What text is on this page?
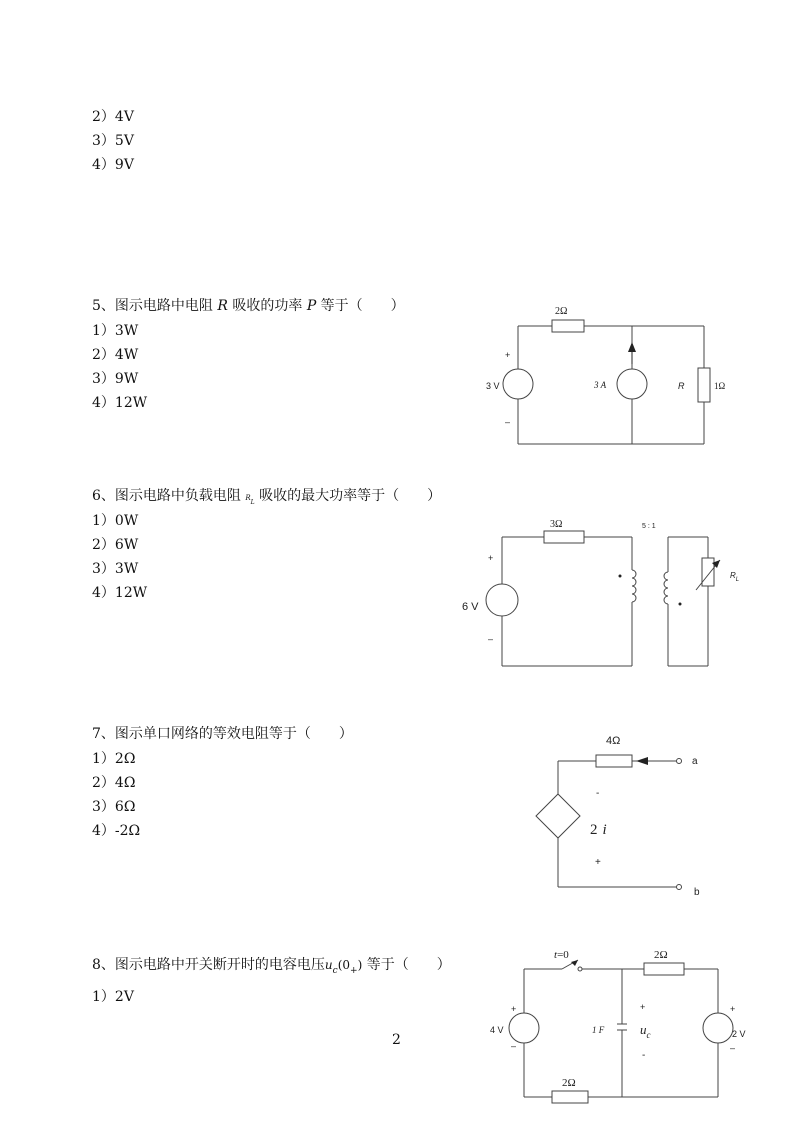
2）4V
3）5V
4）9V
5、图示电路中电阻 R 吸收的功率 P 等于（　　）
1）3W
2）4W
3）9W
4）12W
2Ω
+
3 V
–
3 A	R	1Ω
6、图示电路中负载电阻 $R_L$ 吸收的最大功率等于（　　）
1）0W
2）6W
3）3W
4）12W
3Ω	5 : 1
+
6 V
–
$R_L$
7、图示单口网络的等效电阻等于（　　）
1）2Ω
2）4Ω
3）6Ω
4）-2Ω
4Ω
a
-
2 i
+
b
8、图示电路中开关断开时的电容电压$u_c(0_+)$ 等于（　　）
1）2V
t=0	2Ω
+
4 V
–
1 F
+
$u_c$
-
+
2 V
–
2Ω
2
